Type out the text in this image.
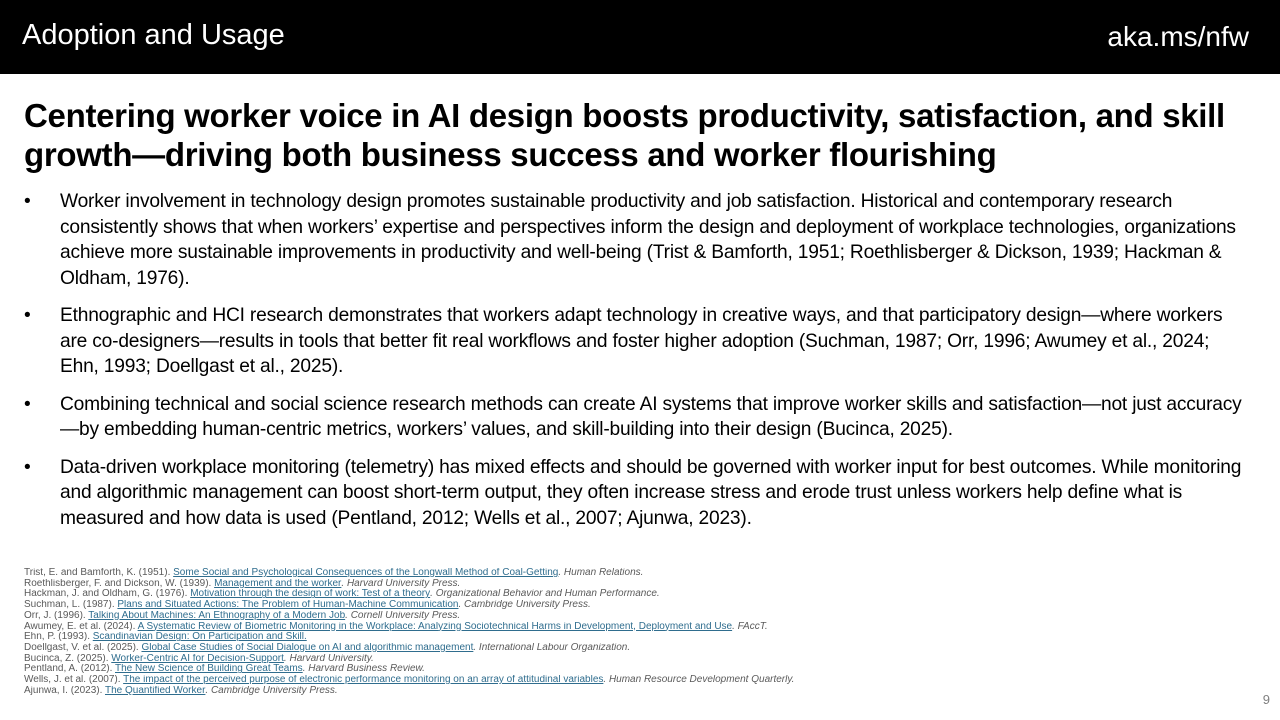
Adoption and Usage	aka.ms/nfw
Centering worker voice in AI design boosts productivity, satisfaction, and skill growth—driving both business success and worker flourishing
• Worker involvement in technology design promotes sustainable productivity and job satisfaction. Historical and contemporary research consistently shows that when workers’ expertise and perspectives inform the design and deployment of workplace technologies, organizations achieve more sustainable improvements in productivity and well-being (Trist & Bamforth, 1951; Roethlisberger & Dickson, 1939; Hackman & Oldham, 1976).
• Ethnographic and HCI research demonstrates that workers adapt technology in creative ways, and that participatory design—where workers are co-designers—results in tools that better fit real workflows and foster higher adoption (Suchman, 1987; Orr, 1996; Awumey et al., 2024; Ehn, 1993; Doellgast et al., 2025).
• Combining technical and social science research methods can create AI systems that improve worker skills and satisfaction—not just accuracy—by embedding human-centric metrics, workers’ values, and skill-building into their design (Bucinca, 2025).
• Data-driven workplace monitoring (telemetry) has mixed effects and should be governed with worker input for best outcomes. While monitoring and algorithmic management can boost short-term output, they often increase stress and erode trust unless workers help define what is measured and how data is used (Pentland, 2012; Wells et al., 2007; Ajunwa, 2023).
Trist, E. and Bamforth, K. (1951). Some Social and Psychological Consequences of the Longwall Method of Coal-Getting. Human Relations.
Roethlisberger, F. and Dickson, W. (1939). Management and the worker. Harvard University Press.
Hackman, J. and Oldham, G. (1976). Motivation through the design of work: Test of a theory. Organizational Behavior and Human Performance.
Suchman, L. (1987). Plans and Situated Actions: The Problem of Human-Machine Communication. Cambridge University Press.
Orr, J. (1996). Talking About Machines: An Ethnography of a Modern Job. Cornell University Press.
Awumey, E. et al. (2024). A Systematic Review of Biometric Monitoring in the Workplace: Analyzing Sociotechnical Harms in Development, Deployment and Use. FAccT.
Ehn, P. (1993). Scandinavian Design: On Participation and Skill.
Doellgast, V. et al. (2025). Global Case Studies of Social Dialogue on AI and algorithmic management. International Labour Organization.
Bucinca, Z. (2025). Worker-Centric AI for Decision-Support. Harvard University.
Pentland, A. (2012). The New Science of Building Great Teams. Harvard Business Review.
Wells, J. et al. (2007). The impact of the perceived purpose of electronic performance monitoring on an array of attitudinal variables. Human Resource Development Quarterly.
Ajunwa, I. (2023). The Quantified Worker. Cambridge University Press.
9
